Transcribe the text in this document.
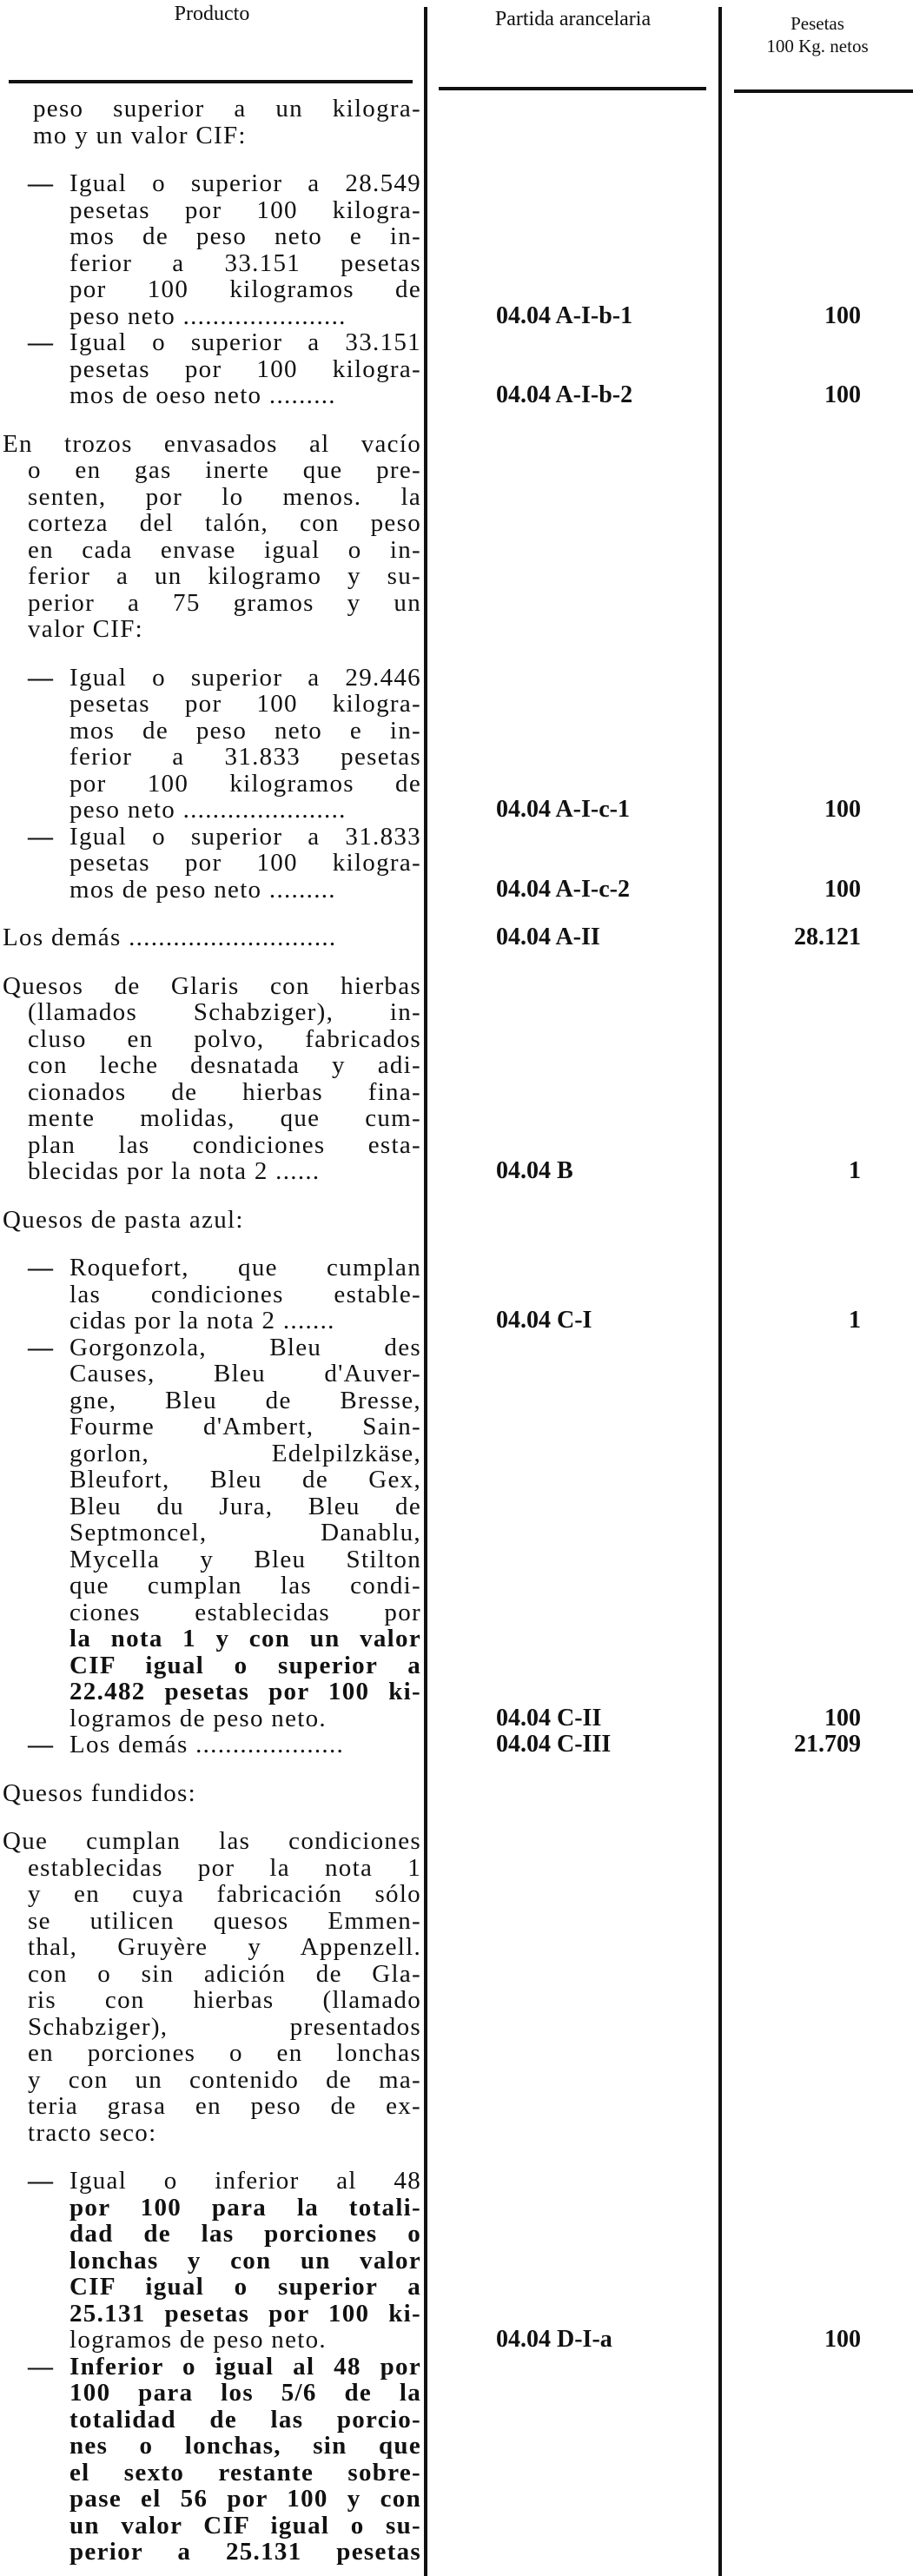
Producto	Partida arancelaria	Pesetas
100 Kg. netos
peso superior a un kilogra-
mo y un valor CIF:
— Igual o superior a 28.549
pesetas por 100 kilogra-
mos de peso neto e in-
ferior a 33.151 pesetas
por 100 kilogramos de
peso neto ......................	04.04 A-I-b-1	100
— Igual o superior a 33.151
pesetas por 100 kilogra-
mos de oeso neto .........	04.04 A-I-b-2	100
En trozos envasados al vacío
o en gas inerte que pre-
senten, por lo menos. la
corteza del talón, con peso
en cada envase igual o in-
ferior a un kilogramo y su-
perior a 75 gramos y un
valor CIF:
— Igual o superior a 29.446
pesetas por 100 kilogra-
mos de peso neto e in-
ferior a 31.833 pesetas
por 100 kilogramos de
peso neto ......................	04.04 A-I-c-1	100
— Igual o superior a 31.833
pesetas por 100 kilogra-
mos de peso neto .........	04.04 A-I-c-2	100
Los demás ............................	04.04 A-II	28.121
Quesos de Glaris con hierbas
(llamados Schabziger), in-
cluso en polvo, fabricados
con leche desnatada y adi-
cionados de hierbas fina-
mente molidas, que cum-
plan las condiciones esta-
blecidas por la nota 2 ......	04.04 B	1
Quesos de pasta azul:
— Roquefort, que cumplan
las condiciones estable-
cidas por la nota 2 .......	04.04 C-I	1
— Gorgonzola, Bleu des
Causes, Bleu d'Auver-
gne, Bleu de Bresse,
Fourme d'Ambert, Sain-
gorlon, Edelpilzkäse,
Bleufort, Bleu de Gex,
Bleu du Jura, Bleu de
Septmoncel, Danablu,
Mycella y Bleu Stilton
que cumplan las condi-
ciones establecidas por
la nota 1 y con un valor
CIF igual o superior a
22.482 pesetas por 100 ki-
logramos de peso neto.	04.04 C-II	100
— Los demás ....................	04.04 C-III	21.709
Quesos fundidos:
Que cumplan las condiciones
establecidas por la nota 1
y en cuya fabricación sólo
se utilicen quesos Emmen-
thal, Gruyère y Appenzell.
con o sin adición de Gla-
ris con hierbas (llamado
Schabziger), presentados
en porciones o en lonchas
y con un contenido de ma-
teria grasa en peso de ex-
tracto seco:
— Igual o inferior al 48
por 100 para la totali-
dad de las porciones o
lonchas y con un valor
CIF igual o superior a
25.131 pesetas por 100 ki-
logramos de peso neto.	04.04 D-I-a	100
— Inferior o igual al 48 por
100 para los 5/6 de la
totalidad de las porcio-
nes o lonchas, sin que
el sexto restante sobre-
pase el 56 por 100 y con
un valor CIF igual o su-
perior a 25.131 pesetas
